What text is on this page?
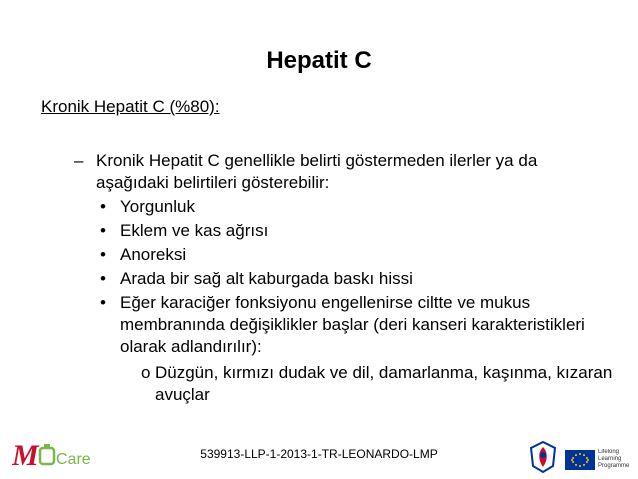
Hepatit C
Kronik Hepatit C (%80):
– Kronik Hepatit C genellikle belirti göstermeden ilerler ya da aşağıdaki belirtileri gösterebilir:
• Yorgunluk
• Eklem ve kas ağrısı
• Anoreksi
• Arada bir sağ alt kaburgada baskı hissi
• Eğer karaciğer fonksiyonu engellenirse ciltte ve mukus membranında değişiklikler başlar (deri kanseri karakteristikleri olarak adlandırılır):
o Düzgün, kırmızı dudak ve dil, damarlanma, kaşınma, kızaran avuçlar
M Care	539913-LLP-1-2013-1-TR-LEONARDO-LMP	Lifelong Learning Programme
